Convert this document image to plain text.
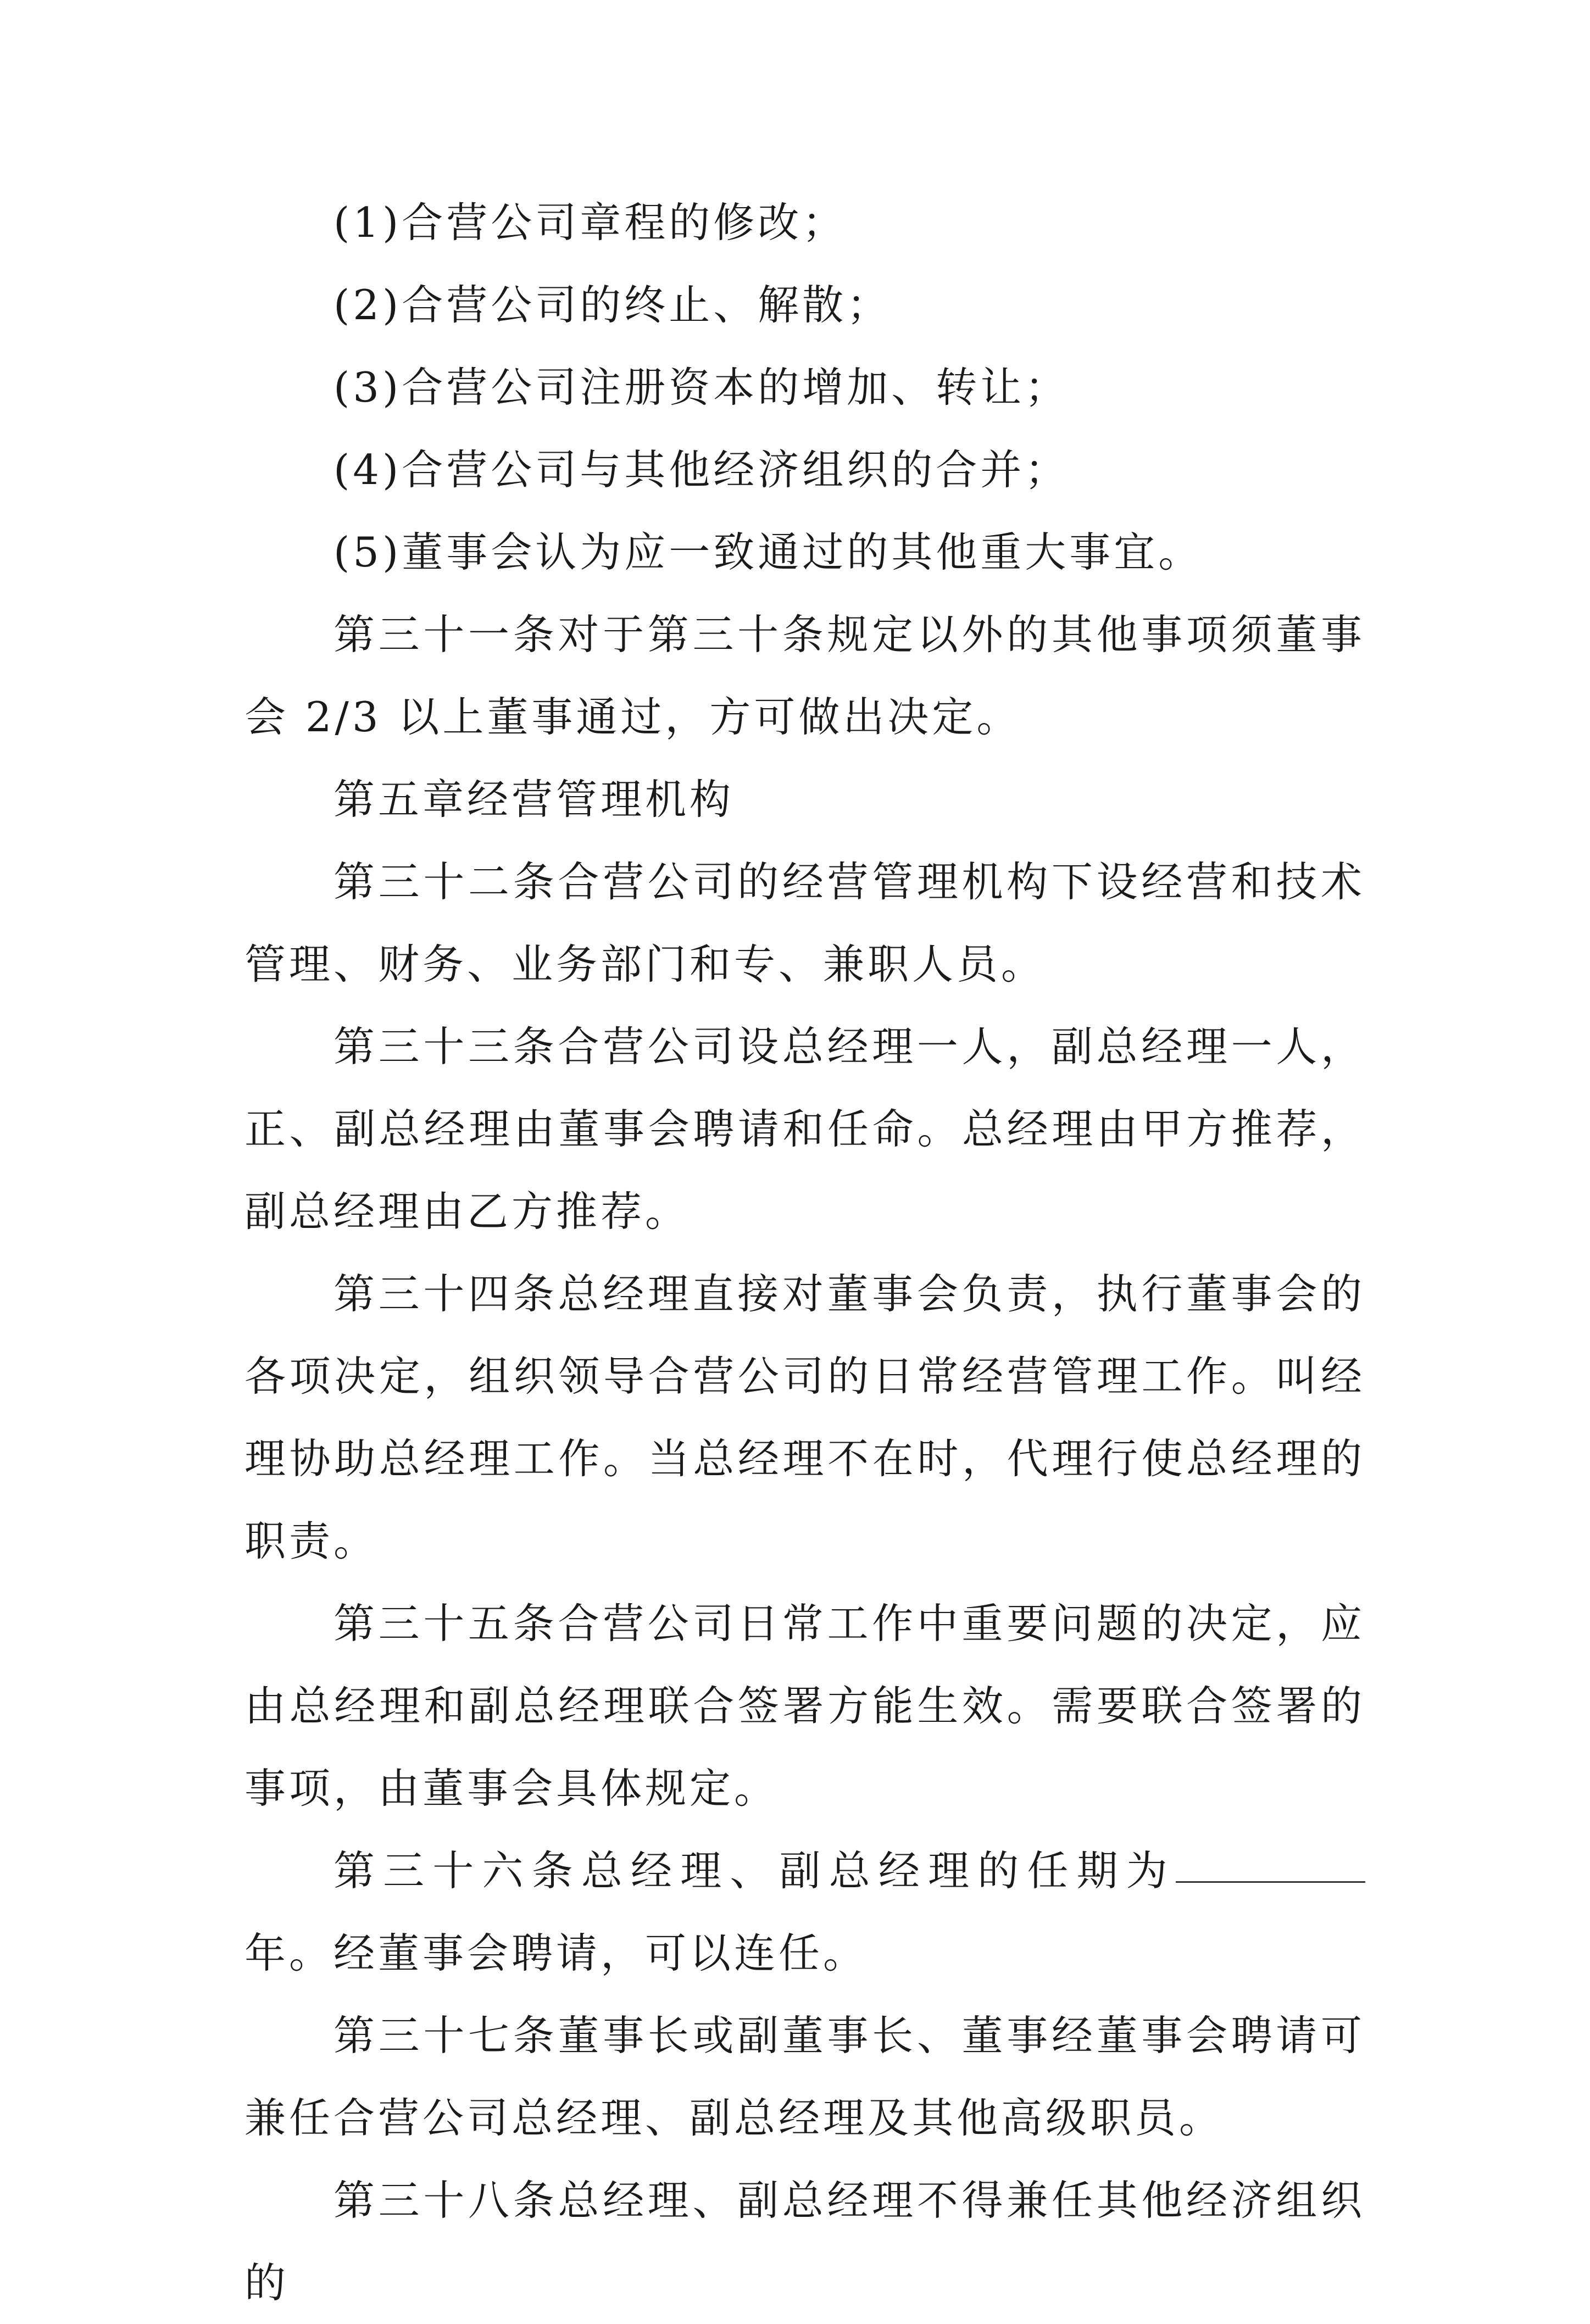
(1)合营公司章程的修改；

(2)合营公司的终止、解散；

(3)合营公司注册资本的增加、转让；

(4)合营公司与其他经济组织的合并；

(5)董事会认为应一致通过的其他重大事宜。

第三十一条对于第三十条规定以外的其他事项须董事会 2/3 以上董事通过，方可做出决定。

第五章经营管理机构

第三十二条合营公司的经营管理机构下设经营和技术管理、财务、业务部门和专、兼职人员。

第三十三条合营公司设总经理一人，副总经理一人，正、副总经理由董事会聘请和任命。总经理由甲方推荐，副总经理由乙方推荐。

第三十四条总经理直接对董事会负责，执行董事会的各项决定，组织领导合营公司的日常经营管理工作。叫经理协助总经理工作。当总经理不在时，代理行使总经理的职责。

第三十五条合营公司日常工作中重要问题的决定，应由总经理和副总经理联合签署方能生效。需要联合签署的事项，由董事会具体规定。

第三十六条总经理、副总经理的任期为年。经董事会聘请，可以连任。

第三十七条董事长或副董事长、董事经董事会聘请可兼任合营公司总经理、副总经理及其他高级职员。

第三十八条总经理、副总经理不得兼任其他经济组织的
